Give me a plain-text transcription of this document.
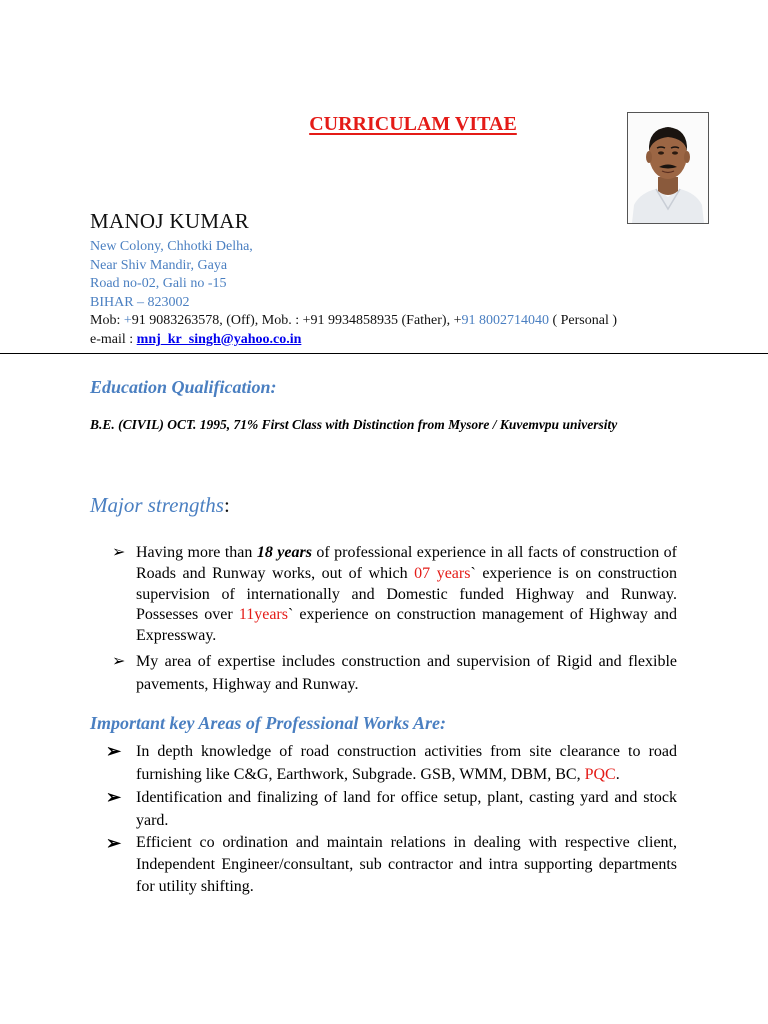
CURRICULAM VITAE
MANOJ KUMAR
New Colony, Chhotki Delha,
Near Shiv Mandir, Gaya
Road no-02, Gali no -15
BIHAR – 823002
Mob: +91 9083263578, (Off), Mob. : +91 9934858935 (Father), +91 8002714040 ( Personal )
e-mail : mnj_kr_singh@yahoo.co.in
Education Qualification:
B.E. (CIVIL) OCT. 1995, 71% First Class with Distinction from Mysore / Kuvemvpu university
Major strengths:
➢ Having more than 18 years of professional experience in all facts of construction of Roads and Runway works, out of which 07 years` experience is on construction supervision of internationally and Domestic funded Highway and Runway. Possesses over 11years` experience on construction management of Highway and Expressway.
➢ My area of expertise includes construction and supervision of Rigid and flexible pavements, Highway and Runway.
Important key Areas of Professional Works Are:
➢ In depth knowledge of road construction activities from site clearance to road furnishing like C&G, Earthwork, Subgrade. GSB, WMM, DBM, BC, PQC.
➢ Identification and finalizing of land for office setup, plant, casting yard and stock yard.
➢ Efficient co ordination and maintain relations in dealing with respective client, Independent Engineer/consultant, sub contractor and intra supporting departments for utility shifting.
